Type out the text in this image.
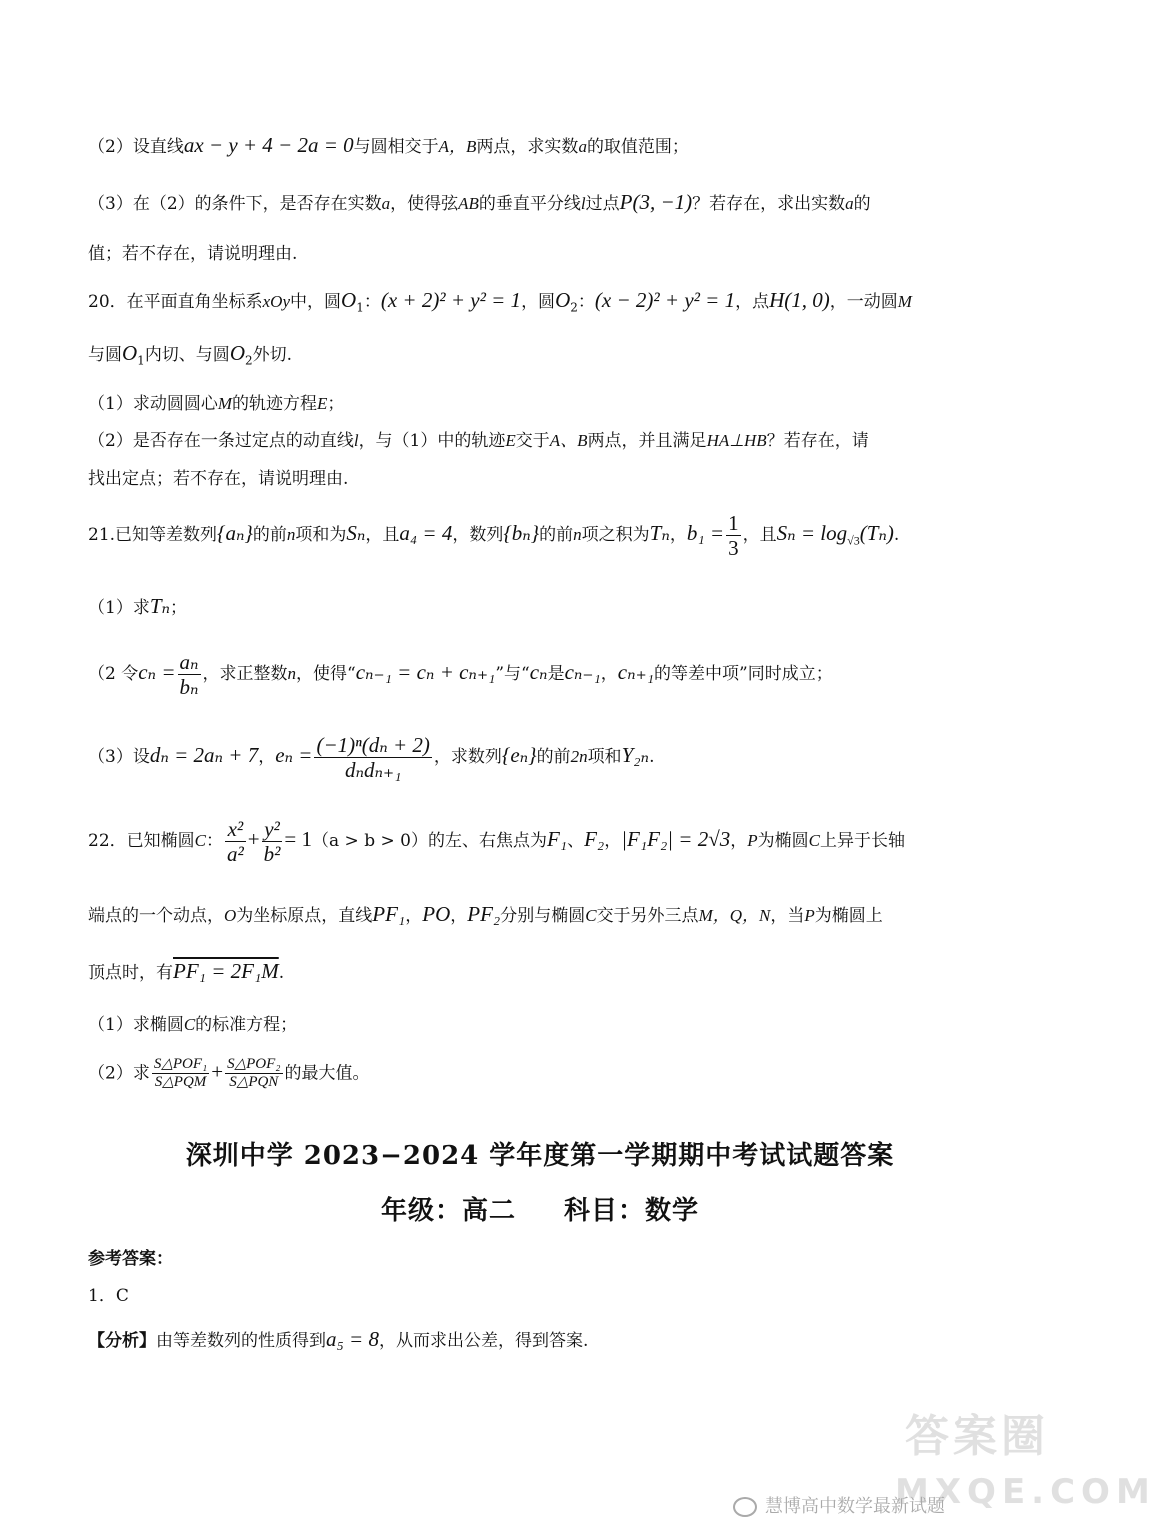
（2）设直线ax − y + 4 − 2a = 0与圆相交于A，B两点，求实数a的取值范围；
（3）在（2）的条件下，是否存在实数a，使得弦AB的垂直平分线l过点P(3, −1)？若存在，求出实数a的
值；若不存在，请说明理由.
20．在平面直角坐标系xOy中，圆$O_1$：(x + 2)² + y² = 1，圆$O_2$：(x − 2)² + y² = 1，点H(1, 0)，一动圆M
与圆$O_1$内切、与圆$O_2$外切.
（1）求动圆圆心M的轨迹方程E；
（2）是否存在一条过定点的动直线l，与（1）中的轨迹E交于A、B两点，并且满足HA⊥HB？若存在，请
找出定点；若不存在，请说明理由.
21.已知等差数列{aₙ}的前n项和为Sₙ，且a₄ = 4，数列{bₙ}的前n项之积为Tₙ，$b_1 = \frac{1}{3}$ ，且$S_n = \log_{√3}(T_n)$.
（1）求Tₙ；
（2 令$c_n = \frac{\text{aₙ}}{\text{bₙ}}$ ，求正整数n，使得“cₙ₋₁ = cₙ + cₙ₊₁”与“cₙ是cₙ₋₁，cₙ₊₁的等差中项”同时成立；
（3）设dₙ = 2aₙ + 7，$e_n = \frac{\text{(−1)ⁿ(dₙ + 2)}}{\text{dₙdₙ₊₁}}$ ，求数列{eₙ}的前2n项和Y₂ₙ.
22．已知椭圆C： $\frac{\text{x²}}{\text{a²}} + \frac{\text{y²}}{\text{b²}} = 1(a > b > 0)$的左、右焦点为F₁、F₂，|F₁F₂| = 2√3，P为椭圆C上异于长轴
端点的一个动点，O为坐标原点，直线PF₁，PO，PF₂分别与椭圆C交于另外三点M，Q，N，当P为椭圆上
顶点时，有PF₁ = 2F₁M.
（1）求椭圆C的标准方程；
（2）求 $\frac{\text{S△POF₁}}{\text{S△PQM}} + \frac{\text{S△POF₂}}{\text{S△PQN}}$ 的最大值。
深圳中学 2023−2024 学年度第一学期期中考试试题答案
年级：高二 科目：数学
参考答案：
1．C
【分析】由等差数列的性质得到a₅ = 8，从而求出公差，得到答案.
答案圈
MXQE.COM
慧博高中数学最新试题
